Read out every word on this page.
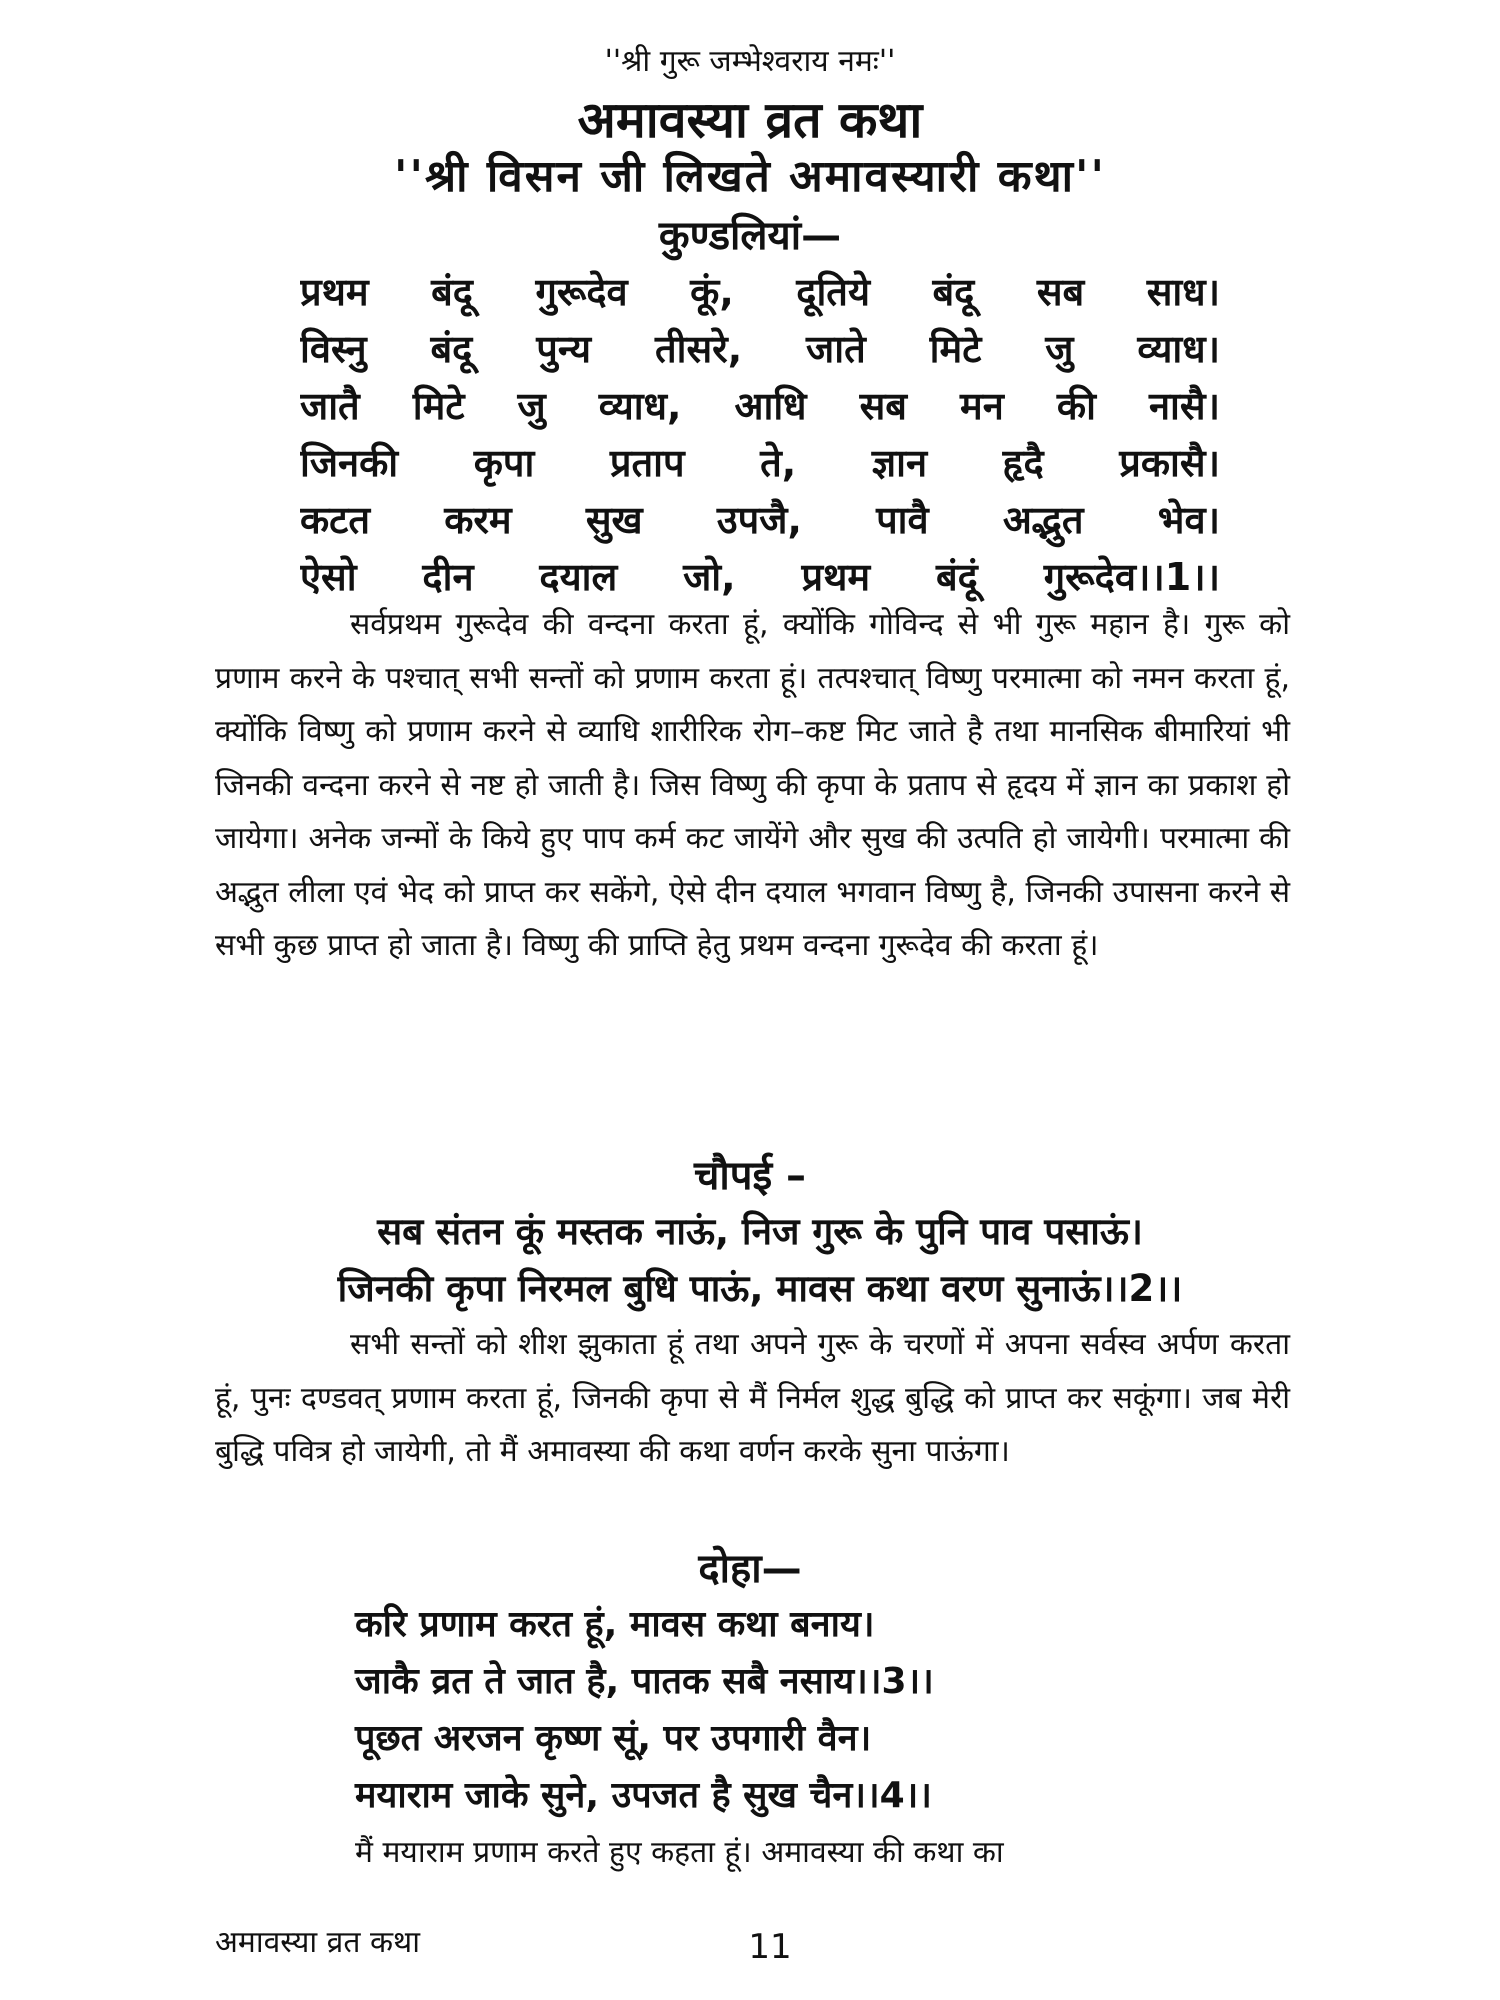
''श्री गुरू जम्भेश्वराय नमः''
अमावस्या व्रत कथा
''श्री विसन जी लिखते अमावस्यारी कथा''
कुण्डलियां—
प्रथम बंदू गुरूदेव कूं, दूतिये बंदू सब साध।
विस्नु बंदू पुन्य तीसरे, जाते मिटे जु व्याध।
जातै मिटे जु व्याध, आधि सब मन की नासै।
जिनकी कृपा प्रताप ते, ज्ञान हृदै प्रकासै।
कटत करम सुख उपजै, पावै अद्भुत भेव।
ऐसो दीन दयाल जो, प्रथम बंदूं गुरूदेव।।1।।
सर्वप्रथम गुरूदेव की वन्दना करता हूं, क्योंकि गोविन्द से भी गुरू महान है। गुरू को प्रणाम करने के पश्चात् सभी सन्तों को प्रणाम करता हूं। तत्पश्चात् विष्णु परमात्मा को नमन करता हूं, क्योंकि विष्णु को प्रणाम करने से व्याधि शारीरिक रोग–कष्ट मिट जाते है तथा मानसिक बीमारियां भी जिनकी वन्दना करने से नष्ट हो जाती है। जिस विष्णु की कृपा के प्रताप से हृदय में ज्ञान का प्रकाश हो जायेगा। अनेक जन्मों के किये हुए पाप कर्म कट जायेंगे और सुख की उत्पति हो जायेगी। परमात्मा की अद्भुत लीला एवं भेद को प्राप्त कर सकेंगे, ऐसे दीन दयाल भगवान विष्णु है, जिनकी उपासना करने से सभी कुछ प्राप्त हो जाता है। विष्णु की प्राप्ति हेतु प्रथम वन्दना गुरूदेव की करता हूं।
चौपई –
सब संतन कूं मस्तक नाऊं, निज गुरू के पुनि पाव पसाऊं।
जिनकी कृपा निरमल बुधि पाऊं, मावस कथा वरण सुनाऊं।।2।।
सभी सन्तों को शीश झुकाता हूं तथा अपने गुरू के चरणों में अपना सर्वस्व अर्पण करता हूं, पुनः दण्डवत् प्रणाम करता हूं, जिनकी कृपा से मैं निर्मल शुद्ध बुद्धि को प्राप्त कर सकूंगा। जब मेरी बुद्धि पवित्र हो जायेगी, तो मैं अमावस्या की कथा वर्णन करके सुना पाऊंगा।
दोहा—
करि प्रणाम करत हूं, मावस कथा बनाय।
जाकै व्रत ते जात है, पातक सबै नसाय।।3।।
पूछत अरजन कृष्ण सूं, पर उपगारी वैन।
मयाराम जाके सुने, उपजत है सुख चैन।।4।।
मैं मयाराम प्रणाम करते हुए कहता हूं। अमावस्या की कथा का
अमावस्या व्रत कथा	11
